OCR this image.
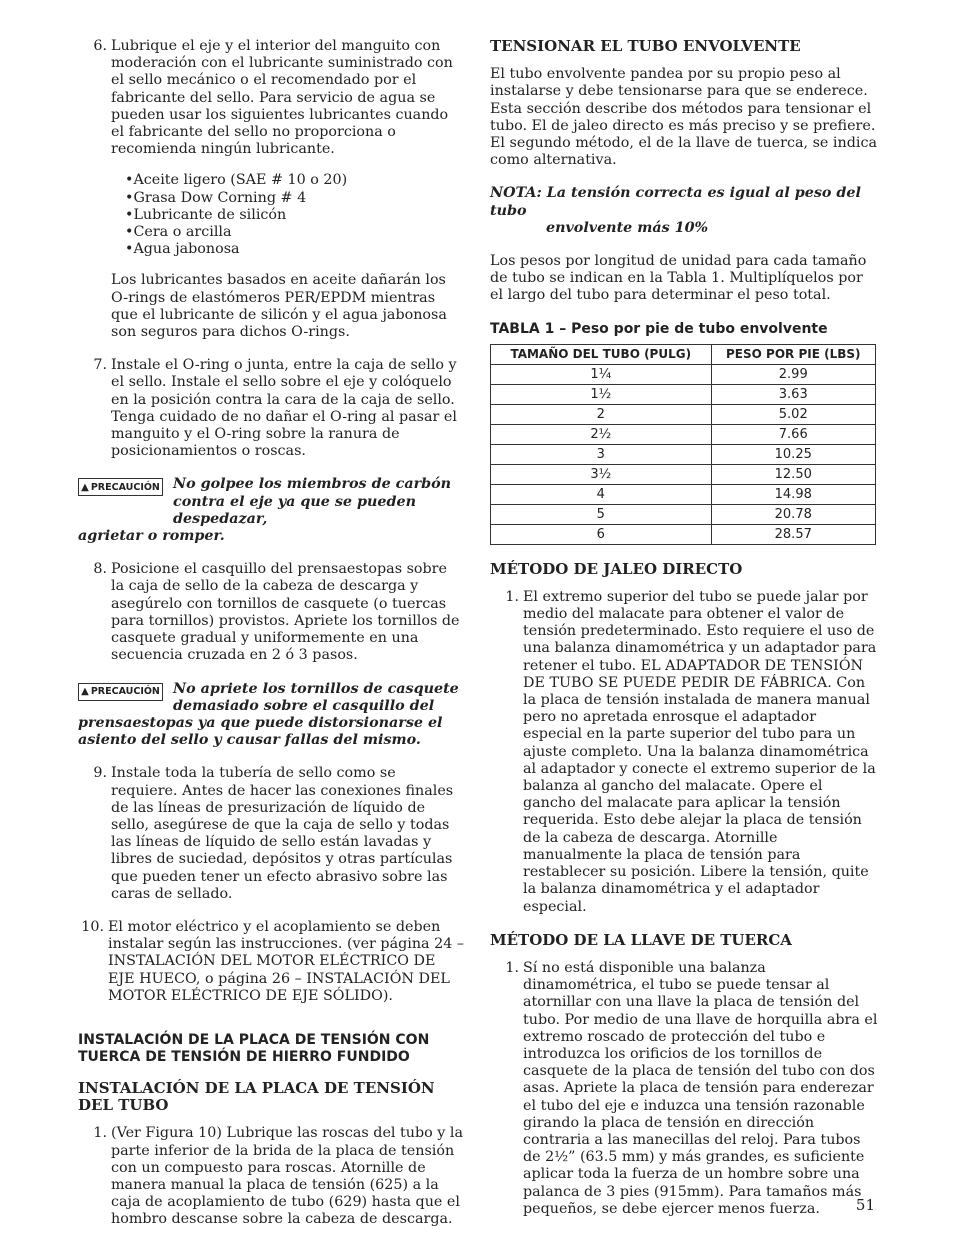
6. Lubrique el eje y el interior del manguito con moderación con el lubricante suministrado con el sello mecánico o el recomendado por el fabricante del sello. Para servicio de agua se pueden usar los siguientes lubricantes cuando el fabricante del sello no proporciona o recomienda ningún lubricante.

• Aceite ligero (SAE # 10 o 20)
• Grasa Dow Corning # 4
• Lubricante de silicón
• Cera o arcilla
• Agua jabonosa

Los lubricantes basados en aceite dañarán los O-rings de elastómeros PER/EPDM mientras que el lubricante de silicón y el agua jabonosa son seguros para dichos O-rings.

7. Instale el O-ring o junta, entre la caja de sello y el sello. Instale el sello sobre el eje y colóquelo en la posición contra la cara de la caja de sello. Tenga cuidado de no dañar el O-ring al pasar el manguito y el O-ring sobre la ranura de posicionamientos o roscas.

▲ PRECAUCIÓN No golpee los miembros de carbón
contra el eje ya que se pueden despedazar,

agrietar o romper.

8. Posicione el casquillo del prensaestopas sobre la caja de sello de la cabeza de descarga y asegúrelo con tornillos de casquete (o tuercas para tornillos) provistos. Apriete los tornillos de casquete gradual y uniformemente en una secuencia cruzada en 2 ó 3 pasos.

▲ PRECAUCIÓN No apriete los tornillos de casquete
demasiado sobre el casquillo del

prensaestopas ya que puede distorsionarse el asiento del sello y causar fallas del mismo.

9. Instale toda la tubería de sello como se requiere. Antes de hacer las conexiones finales de las líneas de presurización de líquido de sello, asegúrese de que la caja de sello y todas las líneas de líquido de sello están lavadas y libres de suciedad, depósitos y otras partículas que pueden tener un efecto abrasivo sobre las caras de sellado.

10. El motor eléctrico y el acoplamiento se deben instalar según las instrucciones. (ver página 24 – INSTALACIÓN DEL MOTOR ELÉCTRICO DE EJE HUECO, o página 26 – INSTALACIÓN DEL MOTOR ELÉCTRICO DE EJE SÓLIDO).

INSTALACIÓN DE LA PLACA DE TENSIÓN CON TUERCA DE TENSIÓN DE HIERRO FUNDIDO
INSTALACIÓN DE LA PLACA DE TENSIÓN DEL TUBO
1. (Ver Figura 10) Lubrique las roscas del tubo y la parte inferior de la brida de la placa de tensión con un compuesto para roscas. Atornille de manera manual la placa de tensión (625) a la caja de acoplamiento de tubo (629) hasta que el hombro descanse sobre la cabeza de descarga.

TENSIONAR EL TUBO ENVOLVENTE

El tubo envolvente pandea por su propio peso al instalarse y debe tensionarse para que se enderece. Esta sección describe dos métodos para tensionar el tubo. El de jaleo directo es más preciso y se prefiere. El segundo método, el de la llave de tuerca, se indica como alternativa.

NOTA: La tensión correcta es igual al peso del tubo
envolvente más 10%

Los pesos por longitud de unidad para cada tamaño de tubo se indican en la Tabla 1. Multiplíquelos por el largo del tubo para determinar el peso total.

TABLA 1 – Peso por pie de tubo envolvente
TAMAÑO DEL TUBO (PULG)	PESO POR PIE (LBS)
1¼	2.99
1½	3.63
2	5.02
2½	7.66
3	10.25
3½	12.50
4	14.98
5	20.78
6	28.57
MÉTODO DE JALEO DIRECTO
1. El extremo superior del tubo se puede jalar por medio del malacate para obtener el valor de tensión predeterminado. Esto requiere el uso de una balanza dinamométrica y un adaptador para retener el tubo. EL ADAPTADOR DE TENSIÓN DE TUBO SE PUEDE PEDIR DE FÁBRICA. Con la placa de tensión instalada de manera manual pero no apretada enrosque el adaptador especial en la parte superior del tubo para un ajuste completo. Una la balanza dinamométrica al adaptador y conecte el extremo superior de la balanza al gancho del malacate. Opere el gancho del malacate para aplicar la tensión requerida. Esto debe alejar la placa de tensión de la cabeza de descarga. Atornille manualmente la placa de tensión para restablecer su posición. Libere la tensión, quite la balanza dinamométrica y el adaptador especial.

MÉTODO DE LA LLAVE DE TUERCA
1. Sí no está disponible una balanza dinamométrica, el tubo se puede tensar al atornillar con una llave la placa de tensión del tubo. Por medio de una llave de horquilla abra el extremo roscado de protección del tubo e introduzca los orificios de los tornillos de casquete de la placa de tensión del tubo con dos asas. Apriete la placa de tensión para enderezar el tubo del eje e induzca una tensión razonable girando la placa de tensión en dirección contraria a las manecillas del reloj. Para tubos de 2½” (63.5 mm) y más grandes, es suficiente aplicar toda la fuerza de un hombre sobre una palanca de 3 pies (915mm). Para tamaños más pequeños, se debe ejercer menos fuerza.	51
